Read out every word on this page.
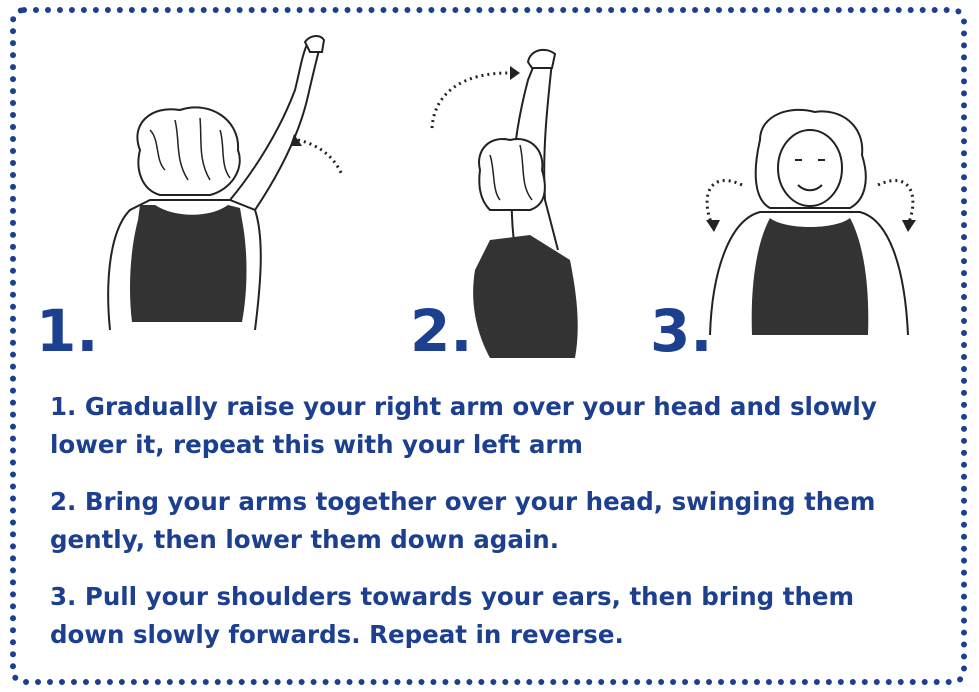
1.	2.	3.
1. Gradually raise your right arm over your head and slowly
lower it, repeat this with your left arm
2. Bring your arms together over your head, swinging them
gently, then lower them down again.
3. Pull your shoulders towards your ears, then bring them
down slowly forwards. Repeat in reverse.
